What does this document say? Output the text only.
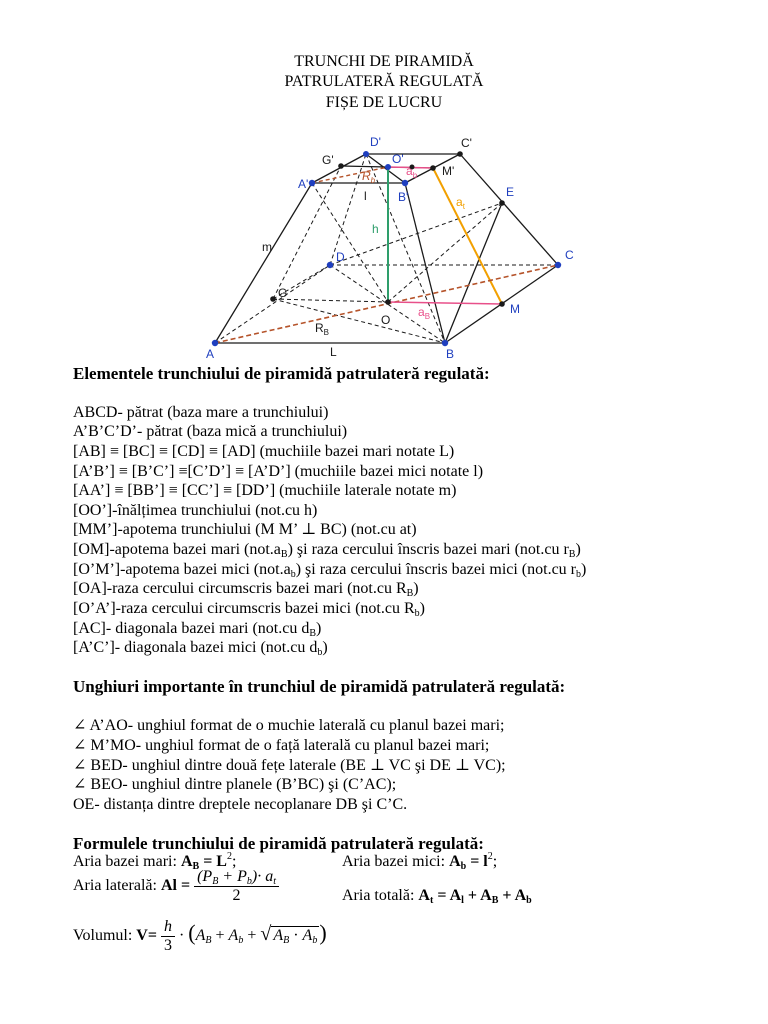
TRUNCHI DE PIRAMIDĂ
PATRULATERĂ REGULATĂ
FIȘE DE LUCRU
D'	C'
G'	O'
M'
A'
B'
$R_b$
$a_b$
l	$a_t$
E
h
m
D	C
G
O
$a_B$
M
$R_B$
A	L	B
Elementele trunchiului de piramidă patrulateră regulată:
ABCD- pătrat (baza mare a trunchiului)
A’B’C’D’- pătrat (baza mică a trunchiului)
[AB] ≡ [BC] ≡ [CD] ≡ [AD] (muchiile bazei mari notate L)
[A’B’] ≡ [B’C’] ≡[C’D’] ≡ [A’D’] (muchiile bazei mici notate l)
[AA’] ≡ [BB’] ≡ [CC’] ≡ [DD’] (muchiile laterale notate m)
[OO’]-înălțimea trunchiului (not.cu h)
[MM’]-apotema trunchiului (M M’ ⊥ BC) (not.cu at)
[OM]-apotema bazei mari $(not.a_B)$ şi raza cercului înscris bazei mari (not.cu $r_B$)
[O’M’]-apotema bazei mici $(not.a_b)$ şi raza cercului înscris bazei mici (not.cu $r_b$)
[OA]-raza cercului circumscris bazei mari (not.cu $R_B$)
[O’A’]-raza cercului circumscris bazei mici (not.cu $R_b$)
[AC]- diagonala bazei mari (not.cu $d_B$)
[A’C’]- diagonala bazei mici (not.cu $d_b$)
Unghiuri importante în trunchiul de piramidă patrulateră regulată:
∠ A’AO- unghiul format de o muchie laterală cu planul bazei mari;
∠ M’MO- unghiul format de o față laterală cu planul bazei mari;
∠ BED- unghiul dintre două fețe laterale (BE ⊥ VC şi DE ⊥ VC);
∠ BEO- unghiul dintre planele (B’BC) şi (C’AC);
OE- distanța dintre dreptele necoplanare DB şi C’C.
Formulele trunchiului de piramidă patrulateră regulată:
Aria bazei mari: $A_B = L^2$;	Aria bazei mici: $A_b = l^2$;
Aria laterală: $Al = \frac{(P_B + P_b)\cdot a_t}{2}$	Aria totală: $A_t = A_l + A_B + A_b$
Volumul: $V= \frac{h}{3} \cdot (A_B + A_b$ + √ $A_B \cdot A_b$)
